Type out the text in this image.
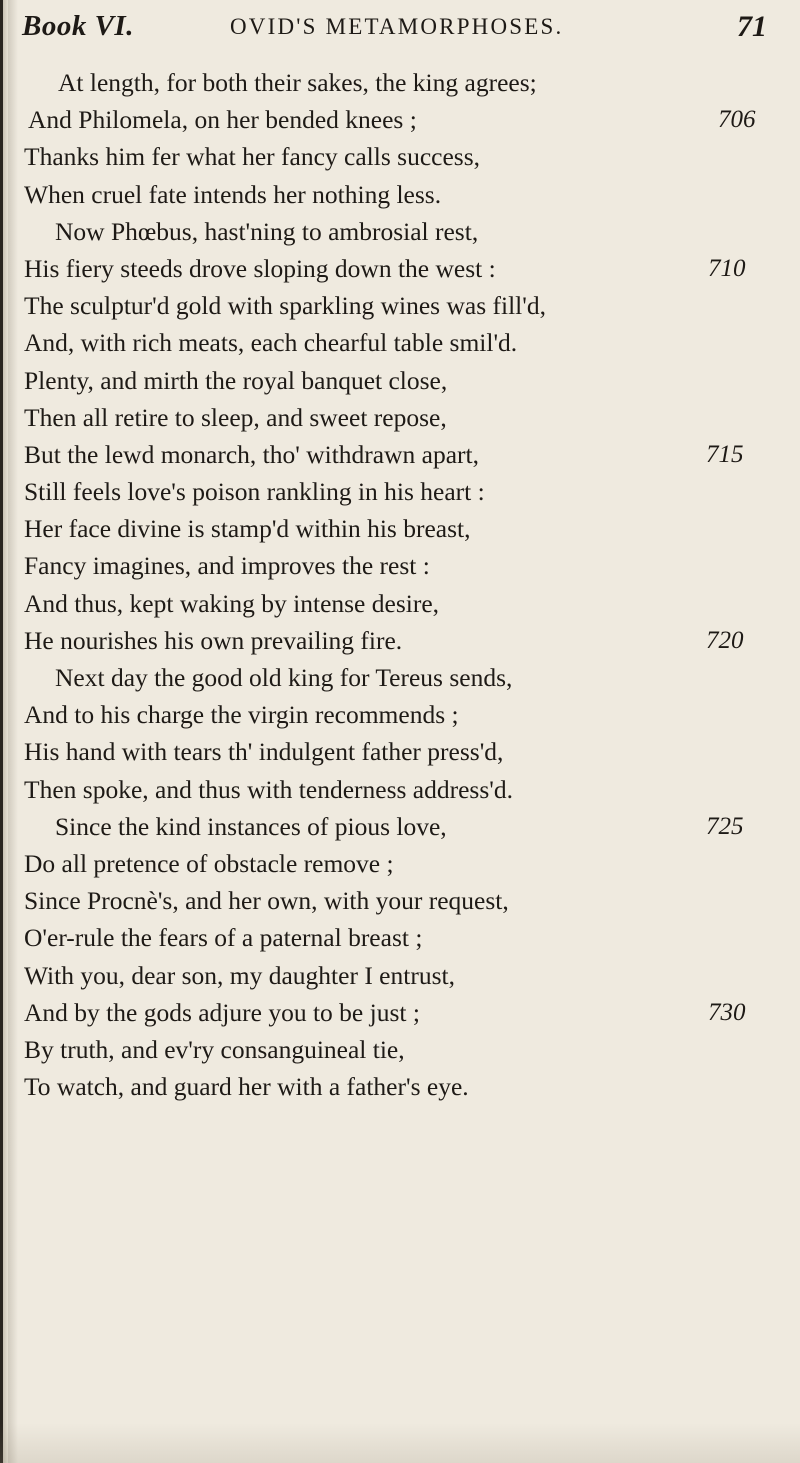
Book VI.	OVID'S METAMORPHOSES.	71
At length, for both their sakes, the king agrees;
And Philomela, on her bended knees ;	706
Thanks him fer what her fancy calls success,
When cruel fate intends her nothing less.
Now Phœbus, hast'ning to ambrosial rest,
His fiery steeds drove sloping down the west :	710
The sculptur'd gold with sparkling wines was fill'd,
And, with rich meats, each chearful table smil'd.
Plenty, and mirth the royal banquet close,
Then all retire to sleep, and sweet repose,
But the lewd monarch, tho' withdrawn apart,	715
Still feels love's poison rankling in his heart :
Her face divine is stamp'd within his breast,
Fancy imagines, and improves the rest :
And thus, kept waking by intense desire,
He nourishes his own prevailing fire.	720
Next day the good old king for Tereus sends,
And to his charge the virgin recommends ;
His hand with tears th' indulgent father press'd,
Then spoke, and thus with tenderness address'd.
Since the kind instances of pious love,	725
Do all pretence of obstacle remove ;
Since Procnè's, and her own, with your request,
O'er-rule the fears of a paternal breast ;
With you, dear son, my daughter I entrust,
And by the gods adjure you to be just ;	730
By truth, and ev'ry consanguineal tie,
To watch, and guard her with a father's eye.
